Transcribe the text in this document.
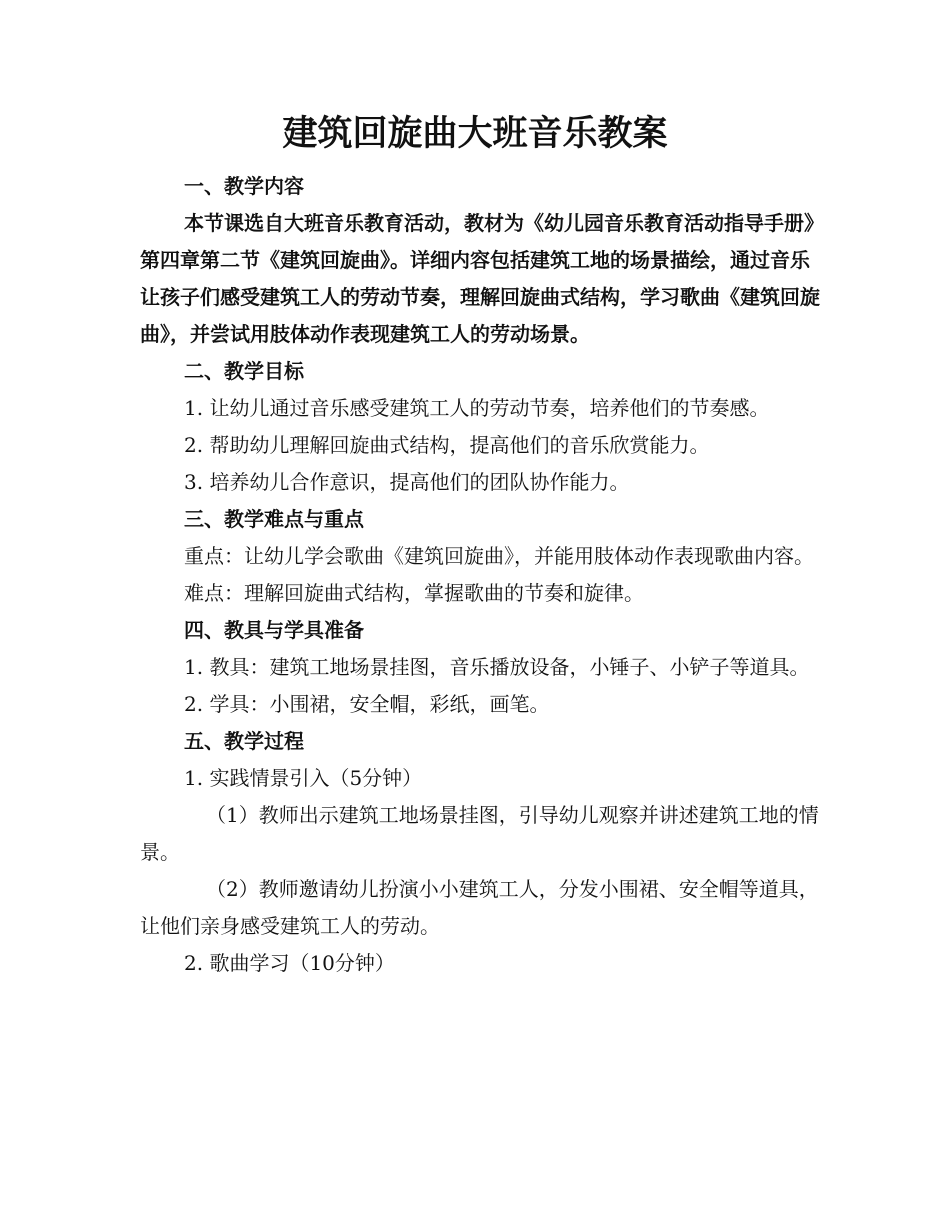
建筑回旋曲大班音乐教案

一、教学内容

本节课选自大班音乐教育活动，教材为《幼儿园音乐教育活动指导手册》第四章第二节《建筑回旋曲》。详细内容包括建筑工地的场景描绘，通过音乐让孩子们感受建筑工人的劳动节奏，理解回旋曲式结构，学习歌曲《建筑回旋曲》，并尝试用肢体动作表现建筑工人的劳动场景。

二、教学目标

1. 让幼儿通过音乐感受建筑工人的劳动节奏，培养他们的节奏感。

2. 帮助幼儿理解回旋曲式结构，提高他们的音乐欣赏能力。

3. 培养幼儿合作意识，提高他们的团队协作能力。

三、教学难点与重点

重点：让幼儿学会歌曲《建筑回旋曲》，并能用肢体动作表现歌曲内容。

难点：理解回旋曲式结构，掌握歌曲的节奏和旋律。

四、教具与学具准备

1. 教具：建筑工地场景挂图，音乐播放设备，小锤子、小铲子等道具。

2. 学具：小围裙，安全帽，彩纸，画笔。

五、教学过程

1. 实践情景引入（5分钟）

（1）教师出示建筑工地场景挂图，引导幼儿观察并讲述建筑工地的情景。

（2）教师邀请幼儿扮演小小建筑工人，分发小围裙、安全帽等道具，让他们亲身感受建筑工人的劳动。

2. 歌曲学习（10分钟）
